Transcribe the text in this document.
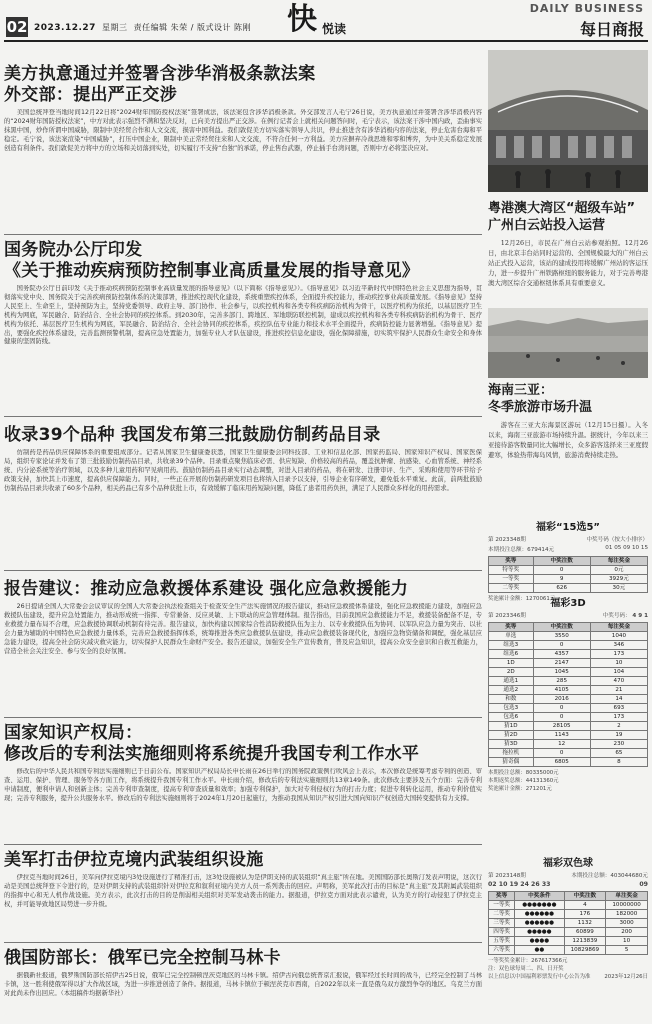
02 2023.12.27 星期三 责任编辑 朱荣 / 版式设计 陈刚 快 悦读
DAILY BUSINESS
每日商报
美方执意通过并签署含涉华消极条款法案
外交部：提出严正交涉

美国总统拜登当地时间12月22日将“2024财年国防授权法案”签署成法，该法案包含涉华消极条款。外交部发言人毛宁26日说，美方执意通过并签署含涉华消极内容的“2024财年国防授权法案”，中方对此表示强烈不满和坚决反对，已向美方提出严正交涉。在例行记者会上就相关问题答问时，毛宁表示，该法案干涉中国内政，歪曲事实抹黑中国，炒作所谓中国威胁，限制中美经贸合作和人文交流，损害中国利益。我们敦促美方切实落实领导人共识，停止推进含有涉华消极内容的法案，停止危害台海和平稳定。毛宁说，该法案渲染“中国威胁”，打压中国企业，限制中美正常经贸往来和人文交流，不符合任何一方利益。美方应摒弃冷战思维和零和博弈，为中美关系稳定发展创造有利条件。我们敦促美方将中方的立场和关切落到实处，切实履行不支持“台独”的承诺，停止售台武器，停止插手台湾问题，否则中方必将坚决应对。

国务院办公厅印发
《关于推动疾病预防控制事业高质量发展的指导意见》

国务院办公厅日前印发《关于推动疾病预防控制事业高质量发展的指导意见》（以下简称《指导意见》）。《指导意见》以习近平新时代中国特色社会主义思想为指导，贯彻落实党中央、国务院关于完善疾病预防控制体系的决策部署，推进疾控现代化建设，系统重塑疾控体系，全面提升疾控能力，推动疾控事业高质量发展。《指导意见》坚持人民至上、生命至上，坚持预防为主，坚持党委领导、政府主导、部门协作、社会参与，以疾控机构和各类专科疾病防治机构为骨干，以医疗机构为依托，以基层医疗卫生机构为网底，军民融合、防治结合、全社会协同的疾控体系。到2030年，完善多部门、跨地区、军地联防联控机制，建成以疾控机构和各类专科疾病防治机构为骨干、医疗机构为依托、基层医疗卫生机构为网底，军民融合、防治结合、全社会协同的疾控体系，疾控队伍专业能力和技术水平全面提升，疾病防控能力显著增强。《指导意见》提出，要强化疾控体系建设，完善监测预警机制，提高应急处置能力，加强专业人才队伍建设，推进疾控信息化建设，强化保障措施，切实筑牢保护人民群众生命安全和身体健康的坚固防线。

收录39个品种 我国发布第三批鼓励仿制药品目录

仿制药是药品供应保障体系的重要组成部分。记者从国家卫生健康委获悉，国家卫生健康委会同科技部、工业和信息化部、国家药监局、国家知识产权局、国家医保局，组织专家论证并发布了第三批鼓励仿制药品目录，共收录39个品种。目录重点聚焦临床必需、供应短缺、价格较高的药品，覆盖抗肿瘤、抗感染、心血管系统、神经系统、内分泌系统等治疗领域，以及多种儿童用药和罕见病用药。鼓励仿制药品目录实行动态调整，对进入目录的药品，将在研发、注册审评、生产、采购和使用等环节给予政策支持，加快其上市速度，提高供应保障能力。同时，一些正在开展的仿制药研发项目也将纳入目录予以支持，引导企业有序研发，避免低水平重复。此前，前两批鼓励仿制药品目录共收录了60多个品种，相关药品已有多个品种获批上市，有效缓解了临床用药短缺问题，降低了患者用药负担，满足了人民群众多样化的用药需求。

报告建议：推动应急救援体系建设 强化应急救援能力

26日提请全国人大常委会会议审议的全国人大常委会执法检查组关于检查安全生产法实施情况的报告建议，推动应急救援体系建设，强化应急救援能力建设，加强应急救援队伍建设，提升应急处置能力，推动形成统一指挥、专常兼备、反应灵敏、上下联动的应急管理体制。报告指出，目前我国应急救援能力不足，救援装备配备不足，专业救援力量布局不合理，应急救援协调联动机制有待完善。报告建议，加快构建以国家综合性消防救援队伍为主力、以专业救援队伍为协同、以军队应急力量为突击、以社会力量为辅助的中国特色应急救援力量体系，完善应急救援指挥体系，统筹推进各类应急救援队伍建设，推动应急救援装备现代化，加强应急物资储备和调配，强化基层应急能力建设，提高全社会防灾减灾救灾能力，切实保护人民群众生命财产安全。报告还建议，加强安全生产宣传教育，普及应急知识，提高公众安全意识和自救互救能力，营造全社会关注安全、参与安全的良好氛围。

国家知识产权局：
修改后的专利法实施细则将系统提升我国专利工作水平

修改后的中华人民共和国专利法实施细则已于日前公布。国家知识产权局局长申长雨在26日举行的国务院政策例行吹风会上表示，本次修改是统筹考虑专利的创造、审查、运用、保护、管理、服务等各方面工作，将系统提升我国专利工作水平。申长雨介绍，修改后的专利法实施细则共13章149条。此次修改主要涉及五个方面：完善专利申请制度，便利申请人和创新主体；完善专利审查制度，提高专利审查质量和效率；加强专利保护，加大对专利侵权行为的打击力度；促进专利转化运用，推动专利价值实现；完善专利服务，提升公共服务水平。修改后的专利法实施细则将于2024年1月20日起施行，为推动我国从知识产权引进大国向知识产权创造大国转变提供有力支撑。

美军打击伊拉克境内武装组织设施

伊拉克当地时间26日，美军向伊拉克境内3处设施进行了精准打击，这3处设施被认为是伊朗支持的武装组织“真主旅”所在地。美国国防部长奥斯汀发表声明说，这次行动是美国总统拜登下令进行的，是对伊朗支持的武装组织针对伊拉克和叙利亚境内美方人员一系列袭击的回应。声明称，美军此次打击的目标是“真主旅”及其附属武装组织的指挥中心和无人机作战设施。美方表示，此次打击的目的是削弱相关组织对美军发动袭击的能力。据报道，伊拉克方面对此表示谴责，认为美方的行动侵犯了伊拉克主权，并可能导致地区局势进一步升级。

俄国防部长：俄军已完全控制马林卡

据俄新社报道，俄罗斯国防部长绍伊古25日说，俄军已完全控制顿涅茨克地区的马林卡镇。绍伊古向俄总统普京汇报说，俄军经过长时间的战斗，已经完全控制了马林卡镇，这一胜利使俄军得以扩大作战区域，为进一步推进创造了条件。据报道，马林卡镇位于顿涅茨克市西南，自2022年以来一直是俄乌双方激烈争夺的地区。乌克兰方面对此尚未作出回应。（本组稿件均据新华社）

粤港澳大湾区“超级车站”
广州白云站投入运营

12月26日，市民在广州白云站参观拍照。12月26日，由北京丰台站同时运营的、全国规模最大的广州白云站正式投入运营，该站的建成投用将缓解广州站的客运压力，进一步提升广州铁路枢纽的服务能力，对于完善粤港澳大湾区综合交通枢纽体系具有重要意义。

海南三亚：
冬季旅游市场升温

游客在三亚大东海景区游玩（12月15日摄）。入冬以来，海南三亚旅游市场持续升温。据统计，今年以来三亚接待游客数量同比大幅增长，众多游客选择来三亚度假避寒，体验热带海岛风情，旅游消费持续走热。

福彩“15选5”
第 2023348期	中奖号码（按大小排序）
本期投注总额：679414元	01 05 09 10 15
奖等	中奖注数	每注奖金
特等奖	0	0元
一等奖	9	3929元
二等奖	626	30元
奖池累计金额：1270061元
福彩3D
第 2023346期	中奖号码： 4 9 1
奖等	中奖注数	每注奖金
单选	3550	1040
组选3	0	346
组选6	4357	173
1D	2147	10
2D	1045	104
通选1	285	470
通选2	4105	21
和数	2016	14
包选3	0	693
包选6	0	173
猜1D	28105	2
猜2D	1143	19
猜3D	12	230
拖拉机	0	65
猜奇偶	6805	8
本期投注总额：80335000元
本期返奖总额：44131360元
奖池累计金额：271201元
福彩双色球
第 2023148期	本期投注总额：403044680元
02 10 19 24 26 33	09
奖等	中奖条件	中奖注数	单注奖金
一等奖	●●●●●●●	4	10000000
二等奖	●●●●●●	176	182000
三等奖	●●●●●●	1132	3000
四等奖	●●●●●	60899	200
五等奖	●●●●	1213839	10
六等奖	●●	10829869	5
一等奖奖金累计：267617366元
注：双色球每周二、四、日开奖
以上信息以中国福利彩票发行中心公告为准	2023年12月26日
